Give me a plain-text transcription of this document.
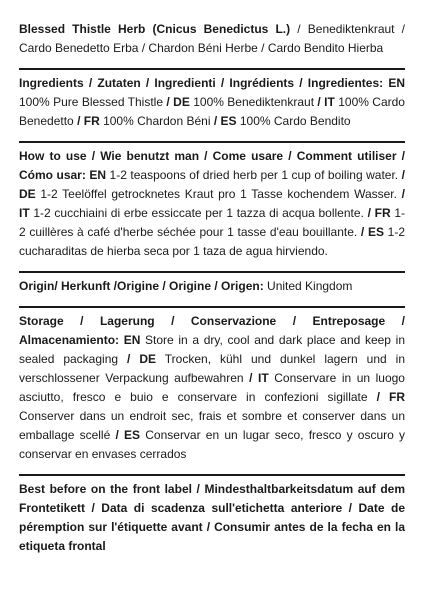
Blessed Thistle Herb (Cnicus Benedictus L.) / Benediktenkraut / Cardo Benedetto Erba / Chardon Béni Herbe / Cardo Bendito Hierba

Ingredients / Zutaten / Ingredienti / Ingrédients / Ingredientes: EN 100% Pure Blessed Thistle / DE 100% Benediktenkraut / IT 100% Cardo Benedetto / FR 100% Chardon Béni / ES 100% Cardo Bendito

How to use / Wie benutzt man / Come usare / Comment utiliser / Cómo usar: EN 1-2 teaspoons of dried herb per 1 cup of boiling water. / DE 1-2 Teelöffel getrocknetes Kraut pro 1 Tasse kochendem Wasser. / IT 1-2 cucchiaini di erbe essiccate per 1 tazza di acqua bollente. / FR 1-2 cuillères à café d'herbe séchée pour 1 tasse d'eau bouillante. / ES 1-2 cucharaditas de hierba seca por 1 taza de agua hirviendo.

Origin/ Herkunft /Origine / Origine / Origen: United Kingdom

Storage / Lagerung / Conservazione / Entreposage / Almacenamiento: EN Store in a dry, cool and dark place and keep in sealed packaging / DE Trocken, kühl und dunkel lagern und in verschlossener Verpackung aufbewahren / IT Conservare in un luogo asciutto, fresco e buio e conservare in confezioni sigillate / FR Conserver dans un endroit sec, frais et sombre et conserver dans un emballage scellé / ES Conservar en un lugar seco, fresco y oscuro y conservar en envases cerrados

Best before on the front label / Mindesthaltbarkeitsdatum auf dem Frontetikett / Data di scadenza sull'etichetta anteriore / Date de péremption sur l'étiquette avant / Consumir antes de la fecha en la etiqueta frontal
